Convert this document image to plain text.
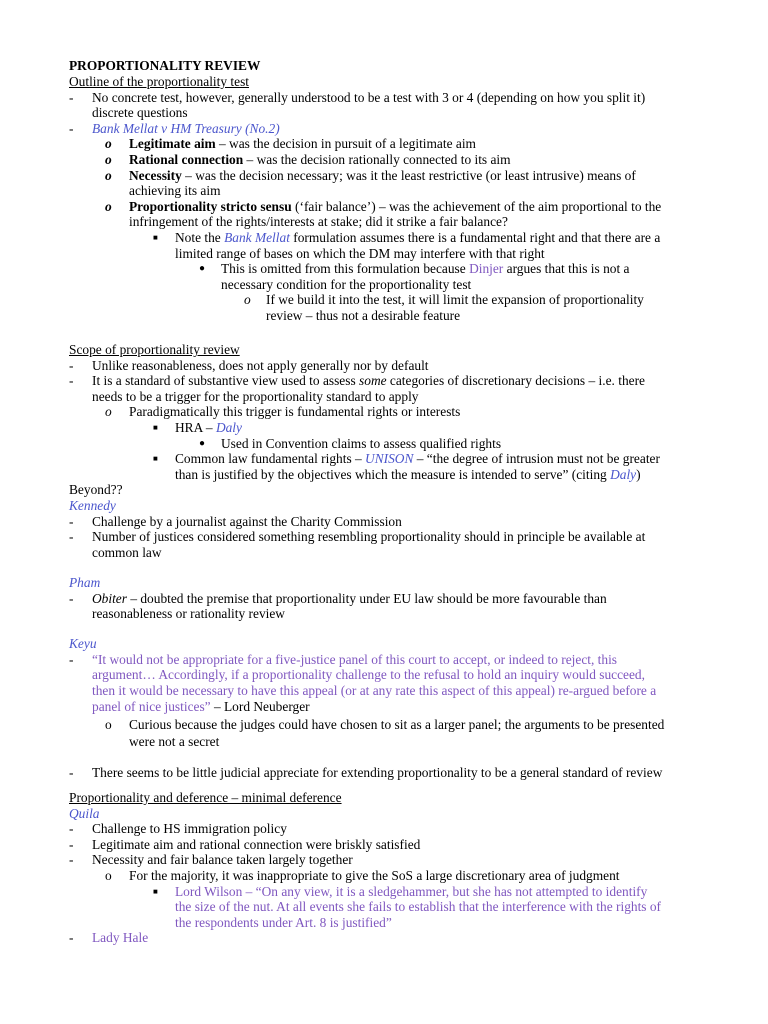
PROPORTIONALITY REVIEW
Outline of the proportionality test
- No concrete test, however, generally understood to be a test with 3 or 4 (depending on how you split it)
discrete questions
- Bank Mellat v HM Treasury (No.2)
o Legitimate aim – was the decision in pursuit of a legitimate aim
o Rational connection – was the decision rationally connected to its aim
o Necessity – was the decision necessary; was it the least restrictive (or least intrusive) means of
achieving its aim
o Proportionality stricto sensu (‘fair balance’) – was the achievement of the aim proportional to the
infringement of the rights/interests at stake; did it strike a fair balance?
■ Note the Bank Mellat formulation assumes there is a fundamental right and that there are a
limited range of bases on which the DM may interfere with that right
● This is omitted from this formulation because Dinjer argues that this is not a
necessary condition for the proportionality test
o If we build it into the test, it will limit the expansion of proportionality
review – thus not a desirable feature
Scope of proportionality review
- Unlike reasonableness, does not apply generally nor by default
- It is a standard of substantive view used to assess some categories of discretionary decisions – i.e. there
needs to be a trigger for the proportionality standard to apply
o Paradigmatically this trigger is fundamental rights or interests
■ HRA – Daly
● Used in Convention claims to assess qualified rights
■ Common law fundamental rights – UNISON – “the degree of intrusion must not be greater
than is justified by the objectives which the measure is intended to serve” (citing Daly)
Beyond??
Kennedy
- Challenge by a journalist against the Charity Commission
- Number of justices considered something resembling proportionality should in principle be available at
common law
Pham
- Obiter – doubted the premise that proportionality under EU law should be more favourable than
reasonableness or rationality review
Keyu
- “It would not be appropriate for a five-justice panel of this court to accept, or indeed to reject, this
argument… Accordingly, if a proportionality challenge to the refusal to hold an inquiry would succeed,
then it would be necessary to have this appeal (or at any rate this aspect of this appeal) re-argued before a
panel of nice justices” – Lord Neuberger
o Curious because the judges could have chosen to sit as a larger panel; the arguments to be presented
were not a secret
- There seems to be little judicial appreciate for extending proportionality to be a general standard of review
Proportionality and deference – minimal deference
Quila
- Challenge to HS immigration policy
- Legitimate aim and rational connection were briskly satisfied
- Necessity and fair balance taken largely together
o For the majority, it was inappropriate to give the SoS a large discretionary area of judgment
■ Lord Wilson – “On any view, it is a sledgehammer, but she has not attempted to identify
the size of the nut. At all events she fails to establish that the interference with the rights of
the respondents under Art. 8 is justified”
- Lady Hale
